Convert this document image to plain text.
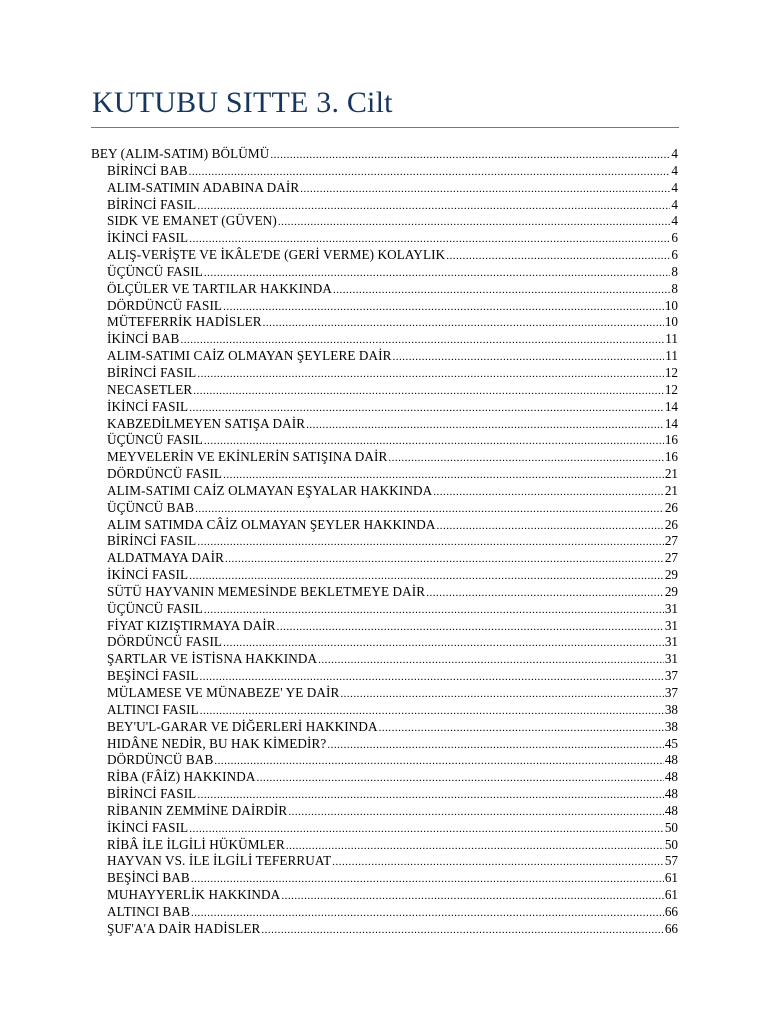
KUTUBU SITTE 3. Cilt
BEY (ALIM-SATIM) BÖLÜMÜ .....	4
BİRİNCİ BAB .....	4
ALIM-SATIMIN ADABINA DAİR .....	4
BİRİNCİ FASIL .....	4
SIDK VE EMANET (GÜVEN) .....	4
İKİNCİ FASIL .....	6
ALIŞ-VERİŞTE VE İKÂLE'DE (GERİ VERME) KOLAYLIK .....	6
ÜÇÜNCÜ FASIL .....	8
ÖLÇÜLER VE TARTILAR HAKKINDA .....	8
DÖRDÜNCÜ FASIL .....	10
MÜTEFERRİK HADİSLER .....	10
İKİNCİ BAB .....	11
ALIM-SATIMI CAİZ OLMAYAN ŞEYLERE DAİR .....	11
BİRİNCİ FASIL .....	12
NECASETLER .....	12
İKİNCİ FASIL .....	14
KABZEDİLMEYEN SATIŞA DAİR .....	14
ÜÇÜNCÜ FASIL .....	16
MEYVELERİN VE EKİNLERİN SATIŞINA DAİR .....	16
DÖRDÜNCÜ FASIL .....	21
ALIM-SATIMI CAİZ OLMAYAN EŞYALAR HAKKINDA .....	21
ÜÇÜNCÜ BAB .....	26
ALIM SATIMDA CÂİZ OLMAYAN ŞEYLER HAKKINDA .....	26
BİRİNCİ FASIL .....	27
ALDATMAYA DAİR .....	27
İKİNCİ FASIL .....	29
SÜTÜ HAYVANIN MEMESİNDE BEKLETMEYE DAİR .....	29
ÜÇÜNCÜ FASIL .....	31
FİYAT KIZIŞTIRMAYA DAİR .....	31
DÖRDÜNCÜ FASIL .....	31
ŞARTLAR VE İSTİSNA HAKKINDA .....	31
BEŞİNCİ FASIL .....	37
MÜLAMESE VE MÜNABEZE' YE DAİR .....	37
ALTINCI FASIL .....	38
BEY'U'L-GARAR VE DİĞERLERİ HAKKINDA .....	38
HIDÂNE NEDİR, BU HAK KİMEDİR? .....	45
DÖRDÜNCÜ BAB .....	48
RİBA (FÂİZ) HAKKINDA .....	48
BİRİNCİ FASIL .....	48
RİBANIN ZEMMİNE DAİRDİR .....	48
İKİNCİ FASIL .....	50
RİBÂ İLE İLGİLİ HÜKÜMLER .....	50
HAYVAN VS. İLE İLGİLİ TEFERRUAT .....	57
BEŞİNCİ BAB .....	61
MUHAYYERLİK HAKKINDA .....	61
ALTINCI BAB .....	66
ŞUF'A'A DAİR HADİSLER .....	66
